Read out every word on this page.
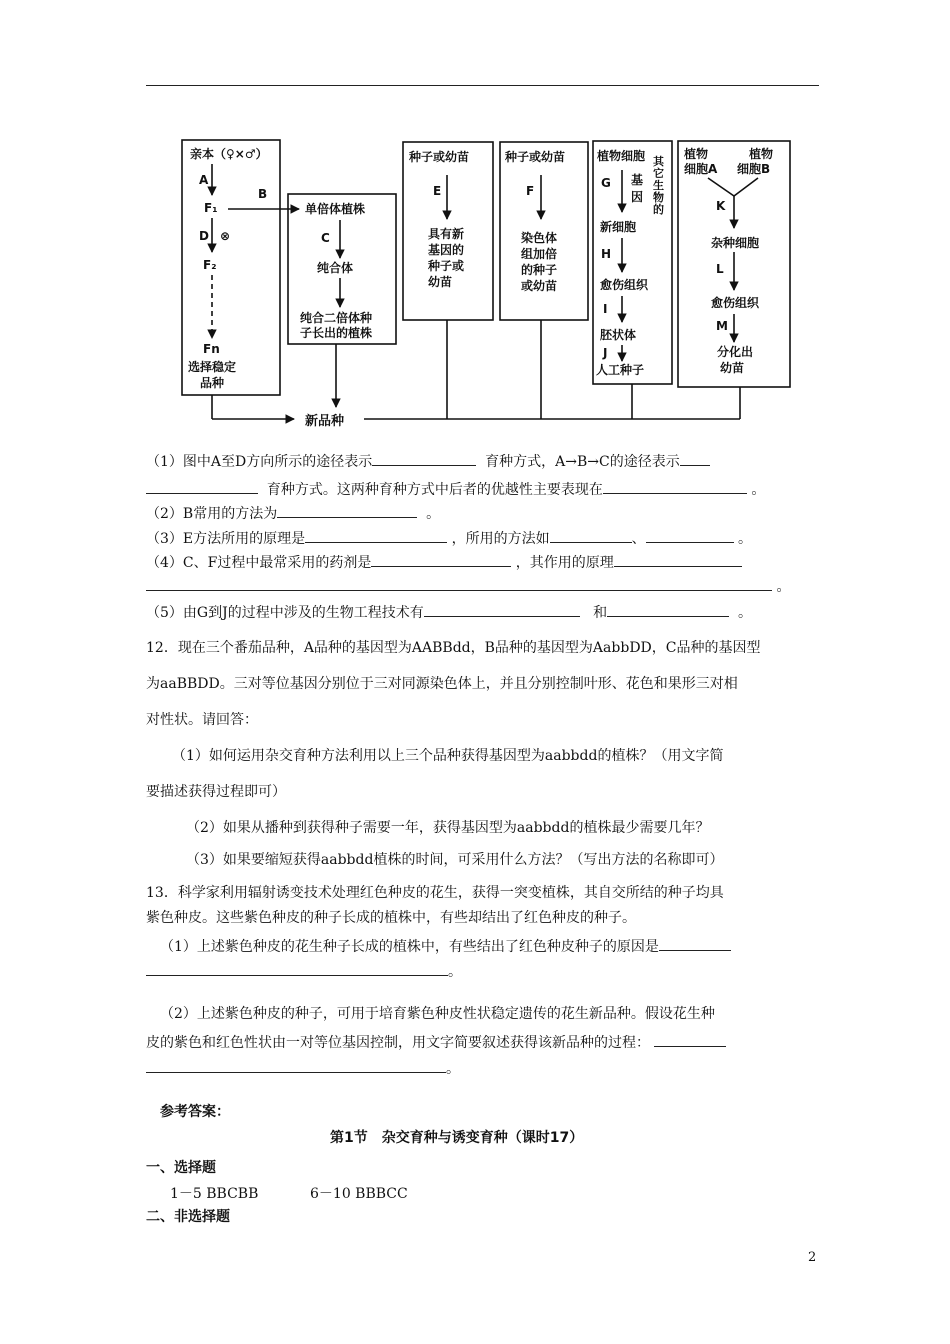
亲本（♀×♂）
A
F₁
D ⊗
F₂
Fn
选择稳定
品种
B
单倍体植株
C
纯合体
纯合二倍体种
子长出的植株
种子或幼苗
E
具有新
基因的
种子或
幼苗
种子或幼苗
F
染色体
组加倍
的种子
或幼苗
植物细胞
G 基
因
其
它
生
物
的
新细胞
H
愈伤组织
I
胚状体
J
人工种子
植物
细胞A
植物
细胞B
K
杂种细胞
L
愈伤组织
M
分化出
幼苗
新品种
（1）图中A至D方向所示的途径表示	育种方式，A→B→C的途径表示
育种方式。这两种育种方式中后者的优越性主要表现在	。
（2）B常用的方法为	。
（3）E方法所用的原理是	，所用的方法如	、	。
（4）C、F过程中最常采用的药剂是	，其作用的原理
。
（5）由G到J的过程中涉及的生物工程技术有	和	。
12．现在三个番茄品种，A品种的基因型为AABBdd，B品种的基因型为AabbDD，C品种的基因型
为aaBBDD。三对等位基因分别位于三对同源染色体上，并且分别控制叶形、花色和果形三对相
对性状。请回答：
（1）如何运用杂交育种方法利用以上三个品种获得基因型为aabbdd的植株？（用文字简
要描述获得过程即可）
（2）如果从播种到获得种子需要一年，获得基因型为aabbdd的植株最少需要几年？
（3）如果要缩短获得aabbdd植株的时间，可采用什么方法？（写出方法的名称即可）
13．科学家利用辐射诱变技术处理红色种皮的花生，获得一突变植株，其自交所结的种子均具
紫色种皮。这些紫色种皮的种子长成的植株中，有些却结出了红色种皮的种子。
（1）上述紫色种皮的花生种子长成的植株中，有些结出了红色种皮种子的原因是
。
（2）上述紫色种皮的种子，可用于培育紫色种皮性状稳定遗传的花生新品种。假设花生种
皮的紫色和红色性状由一对等位基因控制，用文字简要叙述获得该新品种的过程：
。
参考答案：
第1节　杂交育种与诱变育种（课时17）
一、选择题
1－5 BBCBB	6－10 BBBCC
二、非选择题
2
